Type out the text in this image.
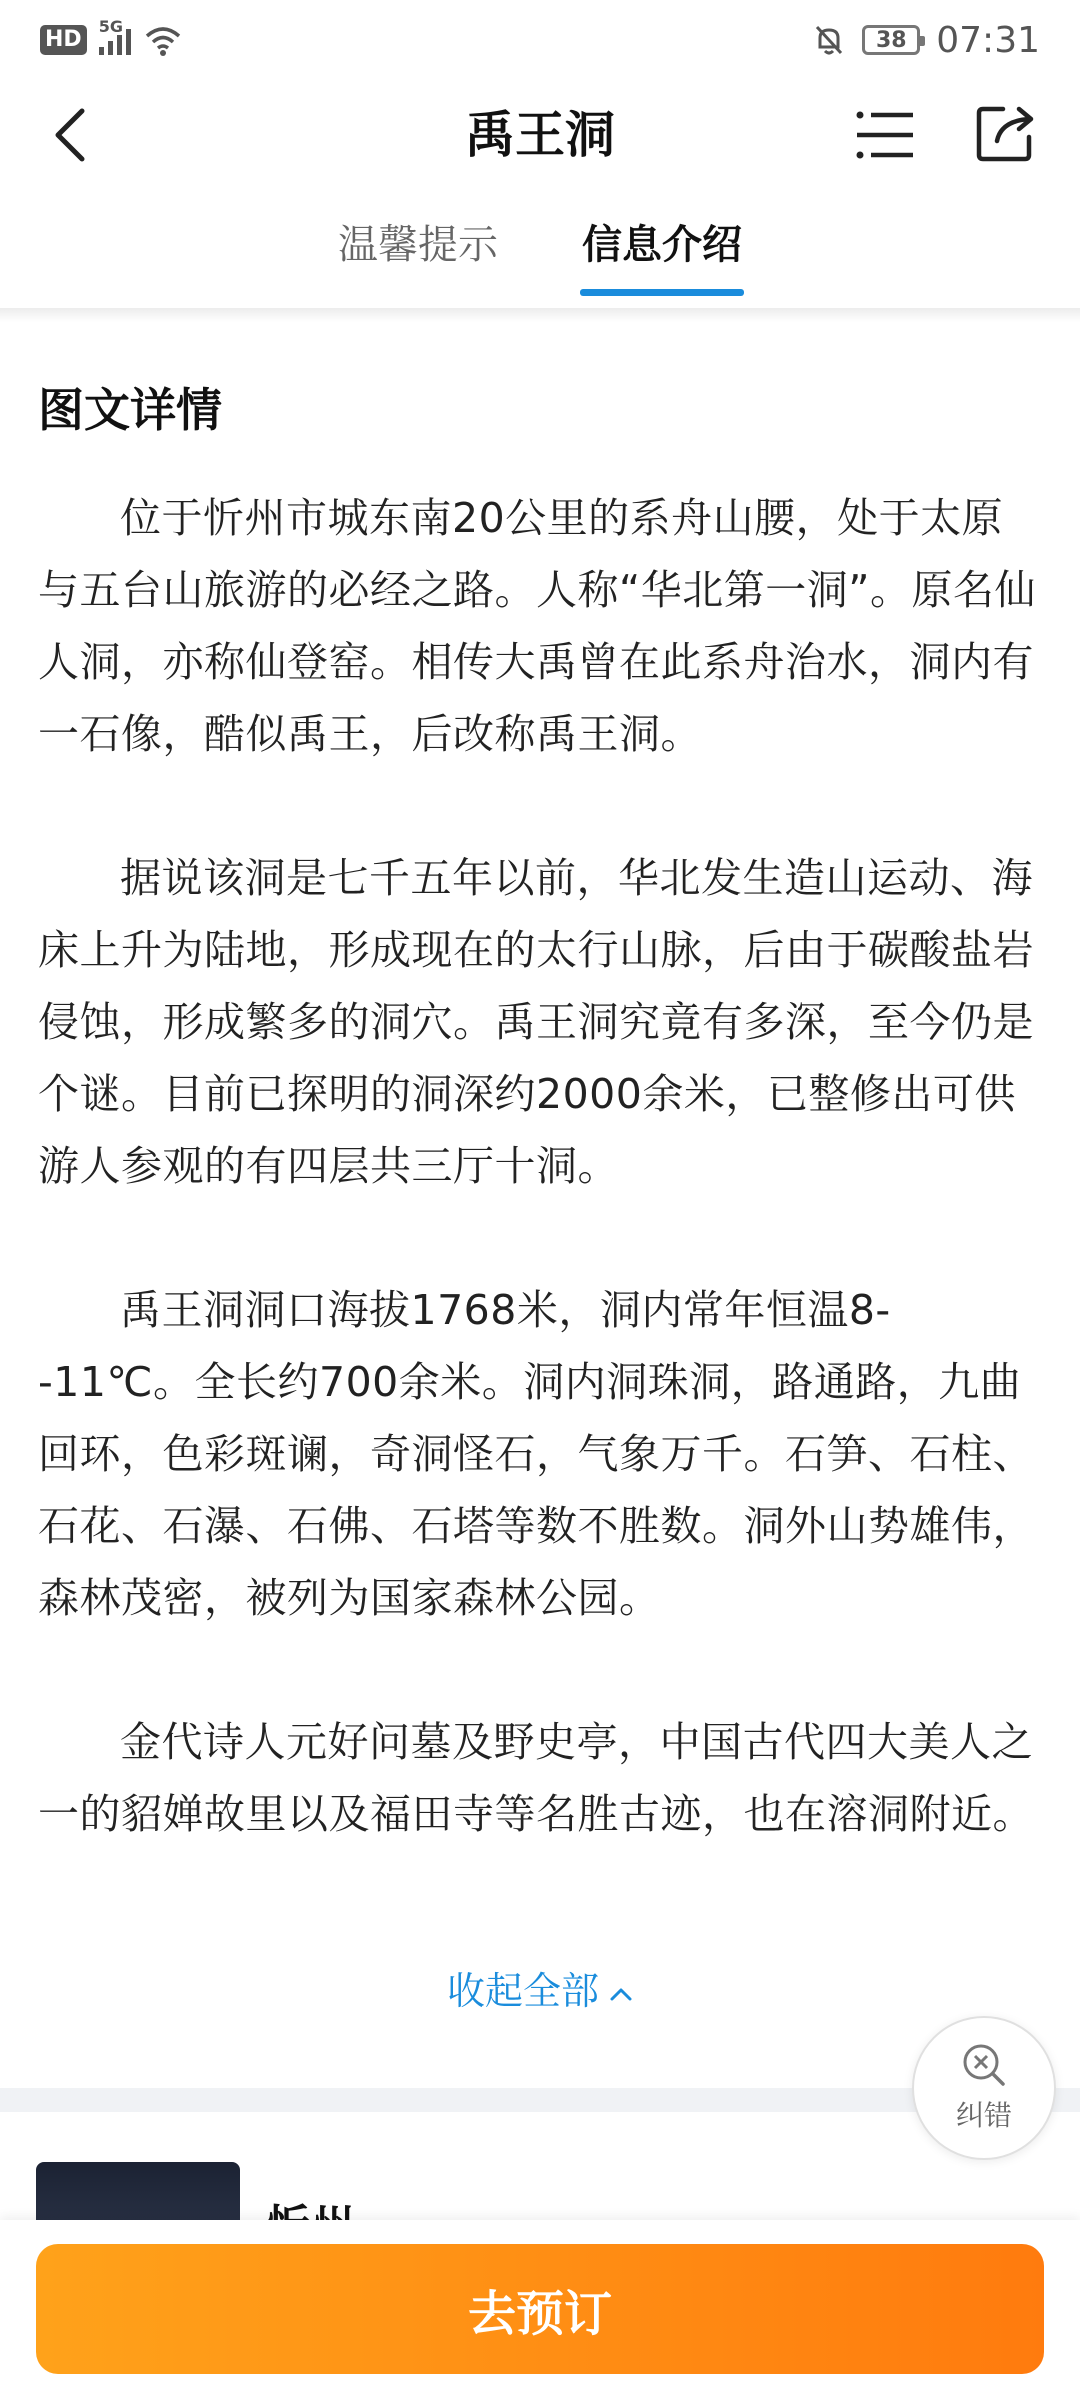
HD
5G
38 07:31
禹王洞
温馨提示 信息介绍
图文详情

位于忻州市城东南20公里的系舟山腰，处于太原与五台山旅游的必经之路。人称“华北第一洞”。原名仙人洞，亦称仙登窑。相传大禹曾在此系舟治水，洞内有一石像，酷似禹王，后改称禹王洞。

据说该洞是七千五年以前，华北发生造山运动、海床上升为陆地，形成现在的太行山脉，后由于碳酸盐岩侵蚀，形成繁多的洞穴。禹王洞究竟有多深，至今仍是个谜。目前已探明的洞深约2000余米，已整修出可供游人参观的有四层共三厅十洞。

禹王洞洞口海拔1768米，洞内常年恒温8--11℃。全长约700余米。洞内洞珠洞，路通路，九曲回环，色彩斑谰，奇洞怪石，气象万千。石笋、石柱、石花、石瀑、石佛、石塔等数不胜数。洞外山势雄伟，森林茂密，被列为国家森林公园。

金代诗人元好问墓及野史亭，中国古代四大美人之一的貂婵故里以及福田寺等名胜古迹，也在溶洞附近。

收起全部
纠错
去预订
